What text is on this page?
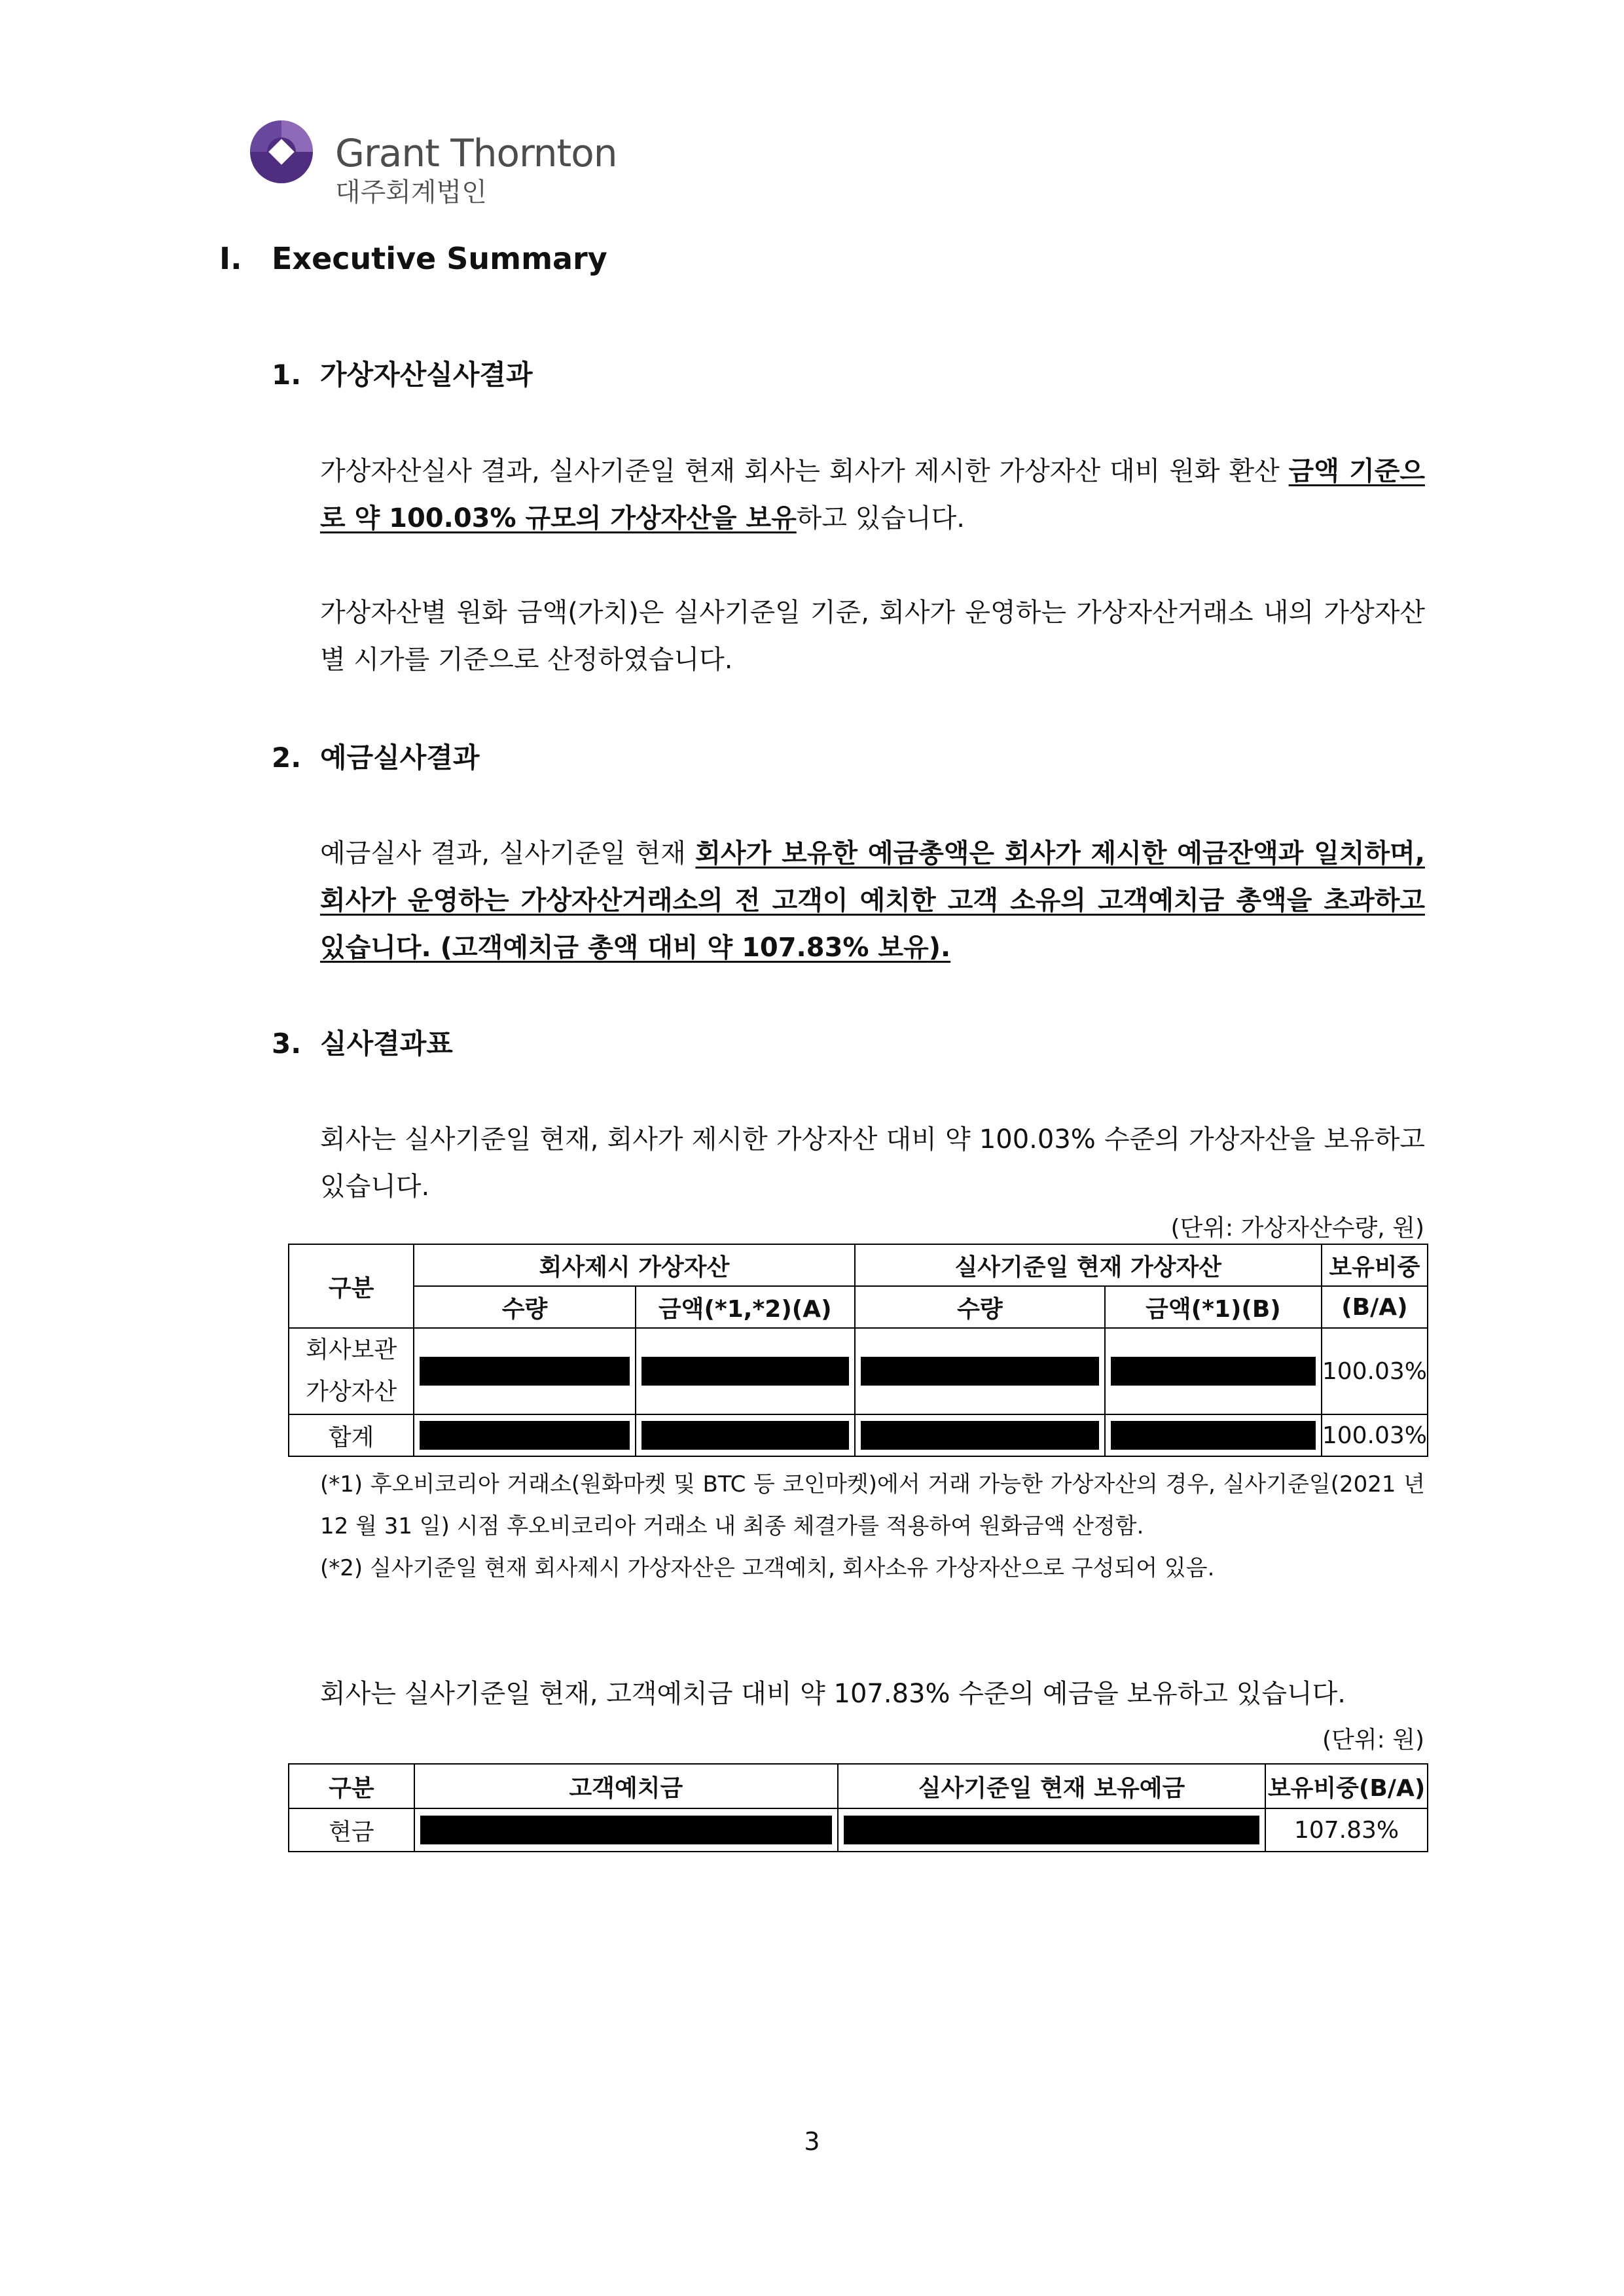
Grant Thornton
대주회계법인
I. Executive Summary
1. 가상자산실사결과

가상자산실사 결과, 실사기준일 현재 회사는 회사가 제시한 가상자산 대비 원화 환산 금액 기준으로 약 100.03% 규모의 가상자산을 보유하고 있습니다.

가상자산별 원화 금액(가치)은 실사기준일 기준, 회사가 운영하는 가상자산거래소 내의 가상자산별 시가를 기준으로 산정하였습니다.

2. 예금실사결과

예금실사 결과, 실사기준일 현재 회사가 보유한 예금총액은 회사가 제시한 예금잔액과 일치하며, 회사가 운영하는 가상자산거래소의 전 고객이 예치한 고객 소유의 고객예치금 총액을 초과하고 있습니다. (고객예치금 총액 대비 약 107.83% 보유).

3. 실사결과표

회사는 실사기준일 현재, 회사가 제시한 가상자산 대비 약 100.03% 수준의 가상자산을 보유하고 있습니다.

(단위: 가상자산수량, 원)
구분	회사제시 가상자산		실사기준일 현재 가상자산		보유비중
	수량	금액(*1,*2)(A)	수량	금액(*1)(B)	(B/A)

회사보관
가상자산					100.03%
합계					100.03%

(*1) 후오비코리아 거래소(원화마켓 및 BTC 등 코인마켓)에서 거래 가능한 가상자산의 경우, 실사기준일(2021 년 12 월 31 일) 시점 후오비코리아 거래소 내 최종 체결가를 적용하여 원화금액 산정함.

(*2) 실사기준일 현재 회사제시 가상자산은 고객예치, 회사소유 가상자산으로 구성되어 있음.

회사는 실사기준일 현재, 고객예치금 대비 약 107.83% 수준의 예금을 보유하고 있습니다.

(단위: 원)
구분	고객예치금	실사기준일 현재 보유예금	보유비중(B/A)
현금			107.83%
3
